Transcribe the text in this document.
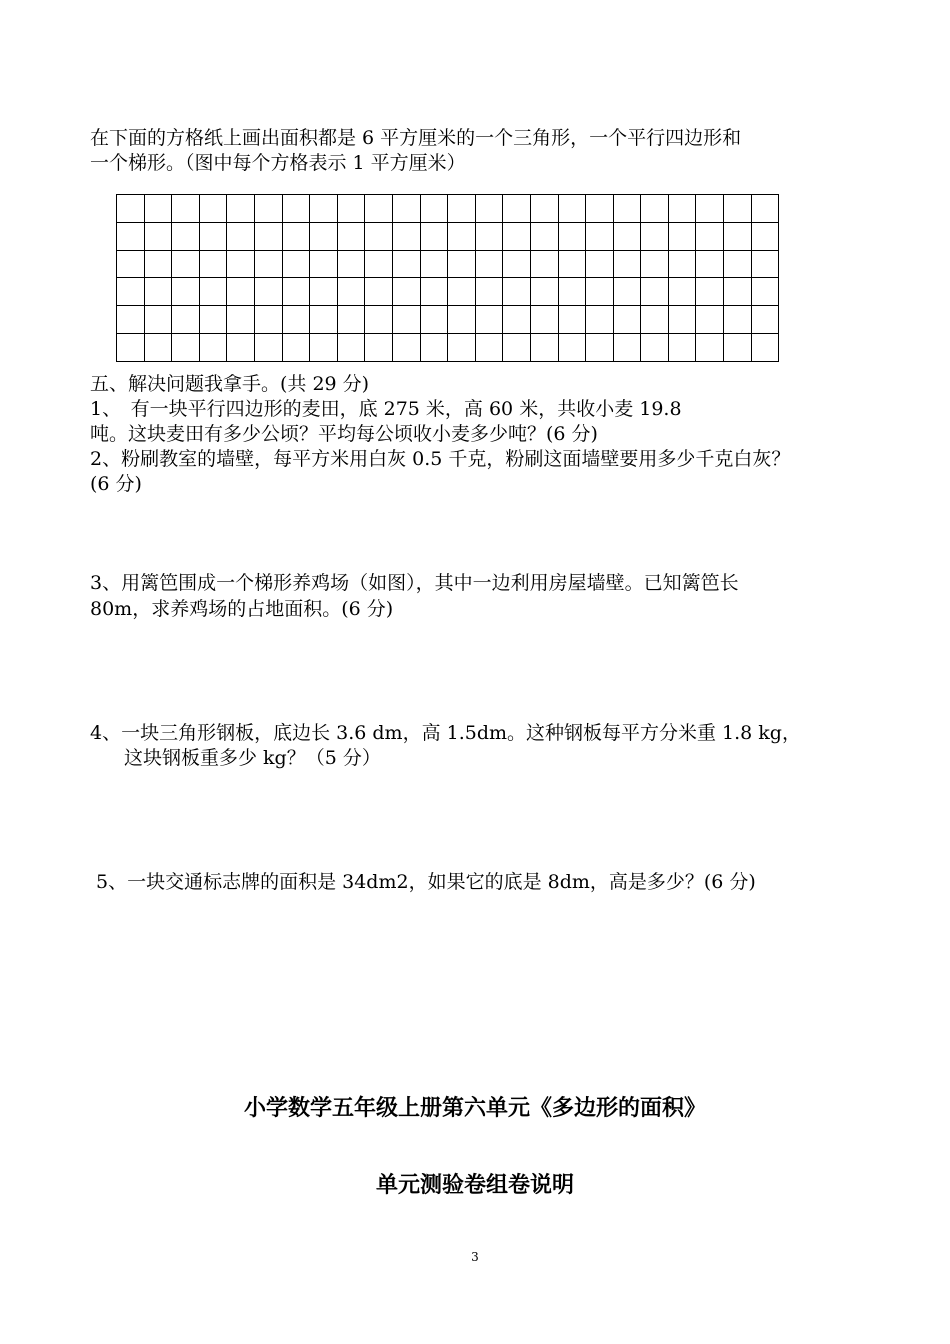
在下面的方格纸上画出面积都是 6 平方厘米的一个三角形，一个平行四边形和
一个梯形。（图中每个方格表示 1 平方厘米）

五、解决问题我拿手。(共 29 分)
1、　有一块平行四边形的麦田，底 275 米，高 60 米，共收小麦 19.8
吨。这块麦田有多少公顷？平均每公顷收小麦多少吨？(6 分)
2、粉刷教室的墙壁，每平方米用白灰 0.5 千克，粉刷这面墙壁要用多少千克白灰？
(6 分)
3、用篱笆围成一个梯形养鸡场（如图），其中一边利用房屋墙壁。已知篱笆长
80m，求养鸡场的占地面积。(6 分)
4、一块三角形钢板，底边长 3.6 dm，高 1.5dm。这种钢板每平方分米重 1.8 kg，
这块钢板重多少 kg？（5 分）
5、一块交通标志牌的面积是 34dm2，如果它的底是 8dm，高是多少？(6 分)
小学数学五年级上册第六单元《多边形的面积》
单元测验卷组卷说明
3
